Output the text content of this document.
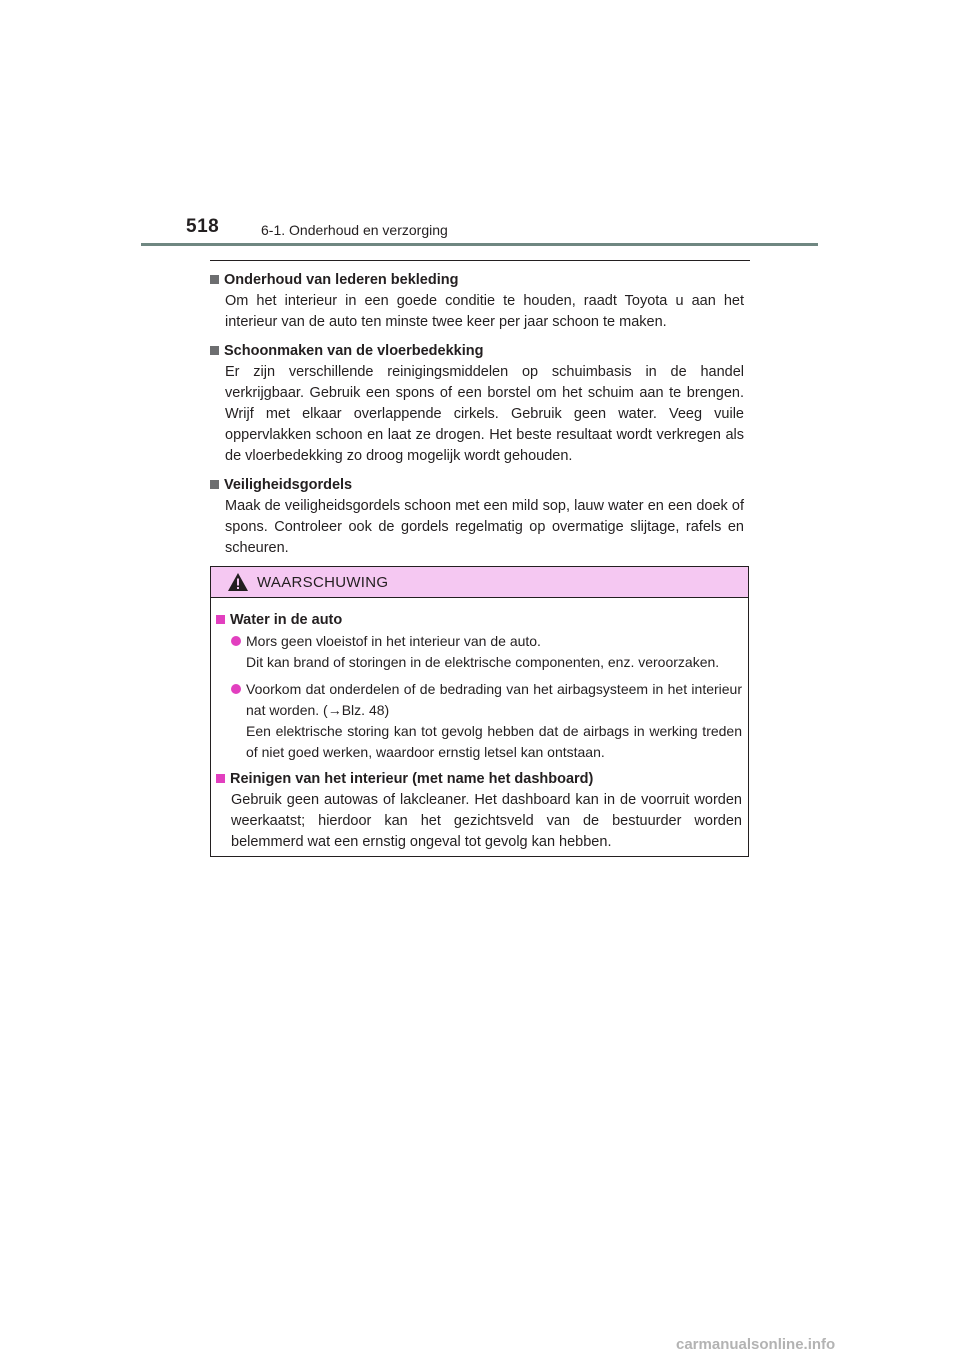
518	6-1. Onderhoud en verzorging
Onderhoud van lederen bekleding
Om het interieur in een goede conditie te houden, raadt Toyota u aan het interieur van de auto ten minste twee keer per jaar schoon te maken.
Schoonmaken van de vloerbedekking
Er zijn verschillende reinigingsmiddelen op schuimbasis in de handel verkrijgbaar. Gebruik een spons of een borstel om het schuim aan te brengen. Wrijf met elkaar overlappende cirkels. Gebruik geen water. Veeg vuile oppervlakken schoon en laat ze drogen. Het beste resultaat wordt verkregen als de vloerbedekking zo droog mogelijk wordt gehouden.
Veiligheidsgordels
Maak de veiligheidsgordels schoon met een mild sop, lauw water en een doek of spons. Controleer ook de gordels regelmatig op overmatige slijtage, rafels en scheuren.
WAARSCHUWING
Water in de auto
Mors geen vloeistof in het interieur van de auto.
Dit kan brand of storingen in de elektrische componenten, enz. veroorzaken.
Voorkom dat onderdelen of de bedrading van het airbagsysteem in het interieur nat worden. (→Blz. 48)
Een elektrische storing kan tot gevolg hebben dat de airbags in werking treden of niet goed werken, waardoor ernstig letsel kan ontstaan.
Reinigen van het interieur (met name het dashboard)
Gebruik geen autowas of lakcleaner. Het dashboard kan in de voorruit worden weerkaatst; hierdoor kan het gezichtsveld van de bestuurder worden belemmerd wat een ernstig ongeval tot gevolg kan hebben.
carmanualsonline.info
